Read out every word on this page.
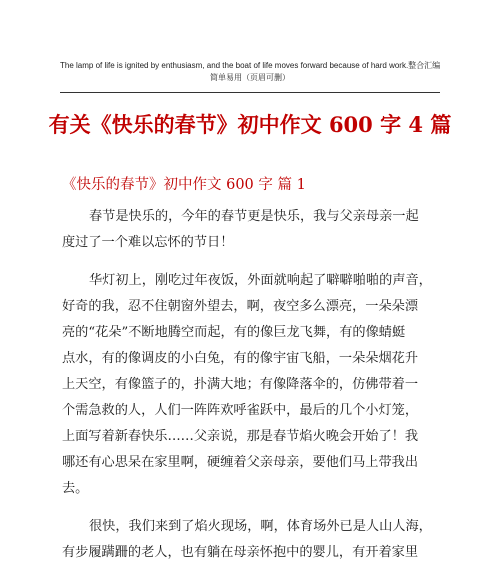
The lamp of life is ignited by enthusiasm, and the boat of life moves forward because of hard work.整合汇编
简单易用（页眉可删）
有关《快乐的春节》初中作文 600 字 4 篇
《快乐的春节》初中作文 600 字 篇 1

春节是快乐的，今年的春节更是快乐，我与父亲母亲一起
度过了一个难以忘怀的节日！

华灯初上，刚吃过年夜饭，外面就响起了噼噼啪啪的声音，
好奇的我，忍不住朝窗外望去，啊，夜空多么漂亮，一朵朵漂
亮的“花朵”不断地腾空而起，有的像巨龙飞舞，有的像蜻蜓
点水，有的像调皮的小白兔，有的像宇宙飞船，一朵朵烟花升
上天空，有像篮子的，扑满大地；有像降落伞的，仿佛带着一
个需急救的人，人们一阵阵欢呼雀跃中，最后的几个小灯笼，
上面写着新春快乐……父亲说，那是春节焰火晚会开始了！我
哪还有心思呆在家里啊，硬缠着父亲母亲，要他们马上带我出
去。

很快，我们来到了焰火现场，啊，体育场外已是人山人海，
有步履蹒跚的老人，也有躺在母亲怀抱中的婴儿，有开着家里
